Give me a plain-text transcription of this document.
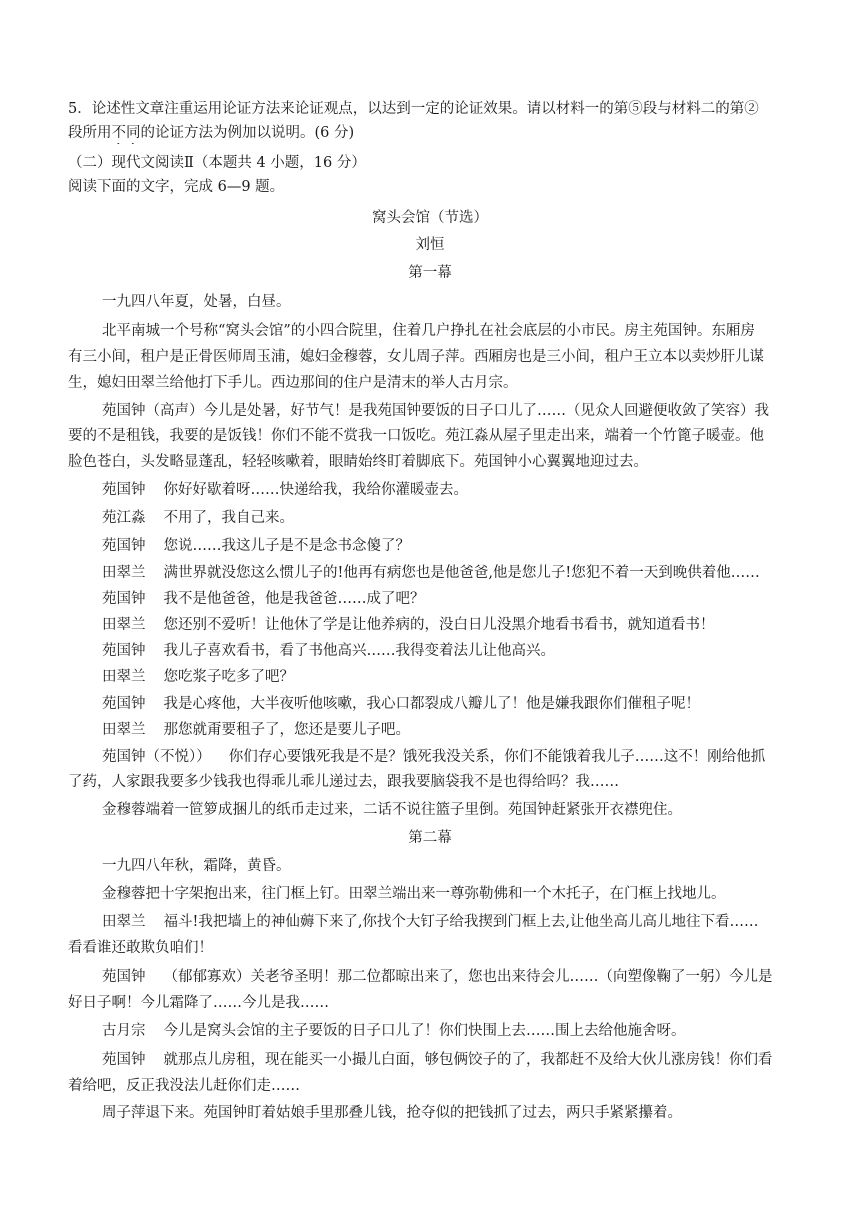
5．论述性文章注重运用论证方法来论证观点，以达到一定的论证效果。请以材料一的第⑤段与材料二的第②
段所用不同的论证方法为例加以说明。(6 分)
（二）现代文阅读Ⅱ（本题共 4 小题，16 分）
阅读下面的文字，完成 6—9 题。
窝头会馆（节选）
刘恒
第一幕
一九四八年夏，处暑，白昼。
北平南城一个号称“窝头会馆”的小四合院里，住着几户挣扎在社会底层的小市民。房主苑国钟。东厢房
有三小间，租户是正骨医师周玉浦，媳妇金穆蓉，女儿周子萍。西厢房也是三小间，租户王立本以卖炒肝儿谋
生，媳妇田翠兰给他打下手儿。西边那间的住户是清末的举人古月宗。
苑国钟（高声）今儿是处暑，好节气！是我苑国钟要饭的日子口儿了……（见众人回避便收敛了笑容）我
要的不是租钱，我要的是饭钱！你们不能不赏我一口饭吃。苑江淼从屋子里走出来，端着一个竹篦子暖壶。他
脸色苍白，头发略显蓬乱，轻轻咳嗽着，眼睛始终盯着脚底下。苑国钟小心翼翼地迎过去。
苑国钟 你好好歇着呀……快递给我，我给你灌暖壶去。
苑江淼 不用了，我自己来。
苑国钟 您说……我这儿子是不是念书念傻了？
田翠兰 满世界就没您这么惯儿子的!他再有病您也是他爸爸,他是您儿子!您犯不着一天到晚供着他……
苑国钟 我不是他爸爸，他是我爸爸……成了吧？
田翠兰 您还别不爱听！让他休了学是让他养病的，没白日儿没黑介地看书看书，就知道看书！
苑国钟 我儿子喜欢看书，看了书他高兴……我得变着法儿让他高兴。
田翠兰 您吃浆子吃多了吧？
苑国钟 我是心疼他，大半夜听他咳嗽，我心口都裂成八瓣儿了！他是嫌我跟你们催租子呢！
田翠兰 那您就甭要租子了，您还是要儿子吧。
苑国钟（不悦）） 你们存心要饿死我是不是？饿死我没关系，你们不能饿着我儿子……这不！刚给他抓
了药，人家跟我要多少钱我也得乖儿乖儿递过去，跟我要脑袋我不是也得给吗？我……
金穆蓉端着一笸箩成捆儿的纸币走过来，二话不说往篮子里倒。苑国钟赶紧张开衣襟兜住。
第二幕
一九四八年秋，霜降，黄昏。
金穆蓉把十字架抱出来，往门框上钉。田翠兰端出来一尊弥勒佛和一个木托子，在门框上找地儿。
田翠兰 福斗!我把墙上的神仙薅下来了,你找个大钉子给我揳到门框上去,让他坐高儿高儿地往下看……
看看谁还敢欺负咱们！
苑国钟 （郁郁寡欢）关老爷圣明！那二位都晾出来了，您也出来待会儿……（向塑像鞠了一躬）今儿是
好日子啊！今儿霜降了……今儿是我……
古月宗 今儿是窝头会馆的主子要饭的日子口儿了！你们快围上去……围上去给他施舍呀。
苑国钟 就那点儿房租，现在能买一小撮儿白面，够包俩饺子的了，我都赶不及给大伙儿涨房钱！你们看
着给吧，反正我没法儿赶你们走……
周子萍退下来。苑国钟盯着姑娘手里那叠儿钱，抢夺似的把钱抓了过去，两只手紧紧攥着。
